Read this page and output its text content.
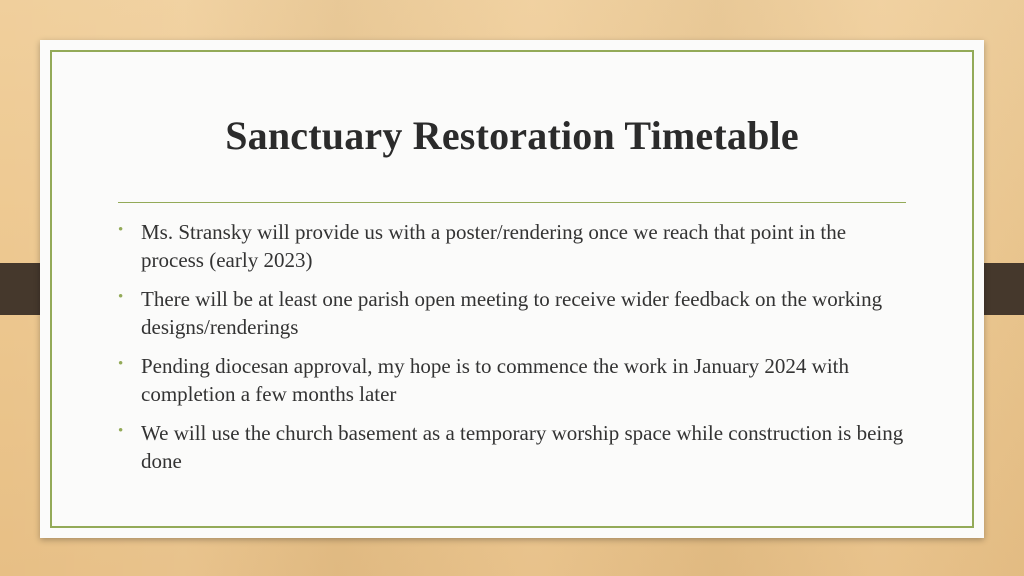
Sanctuary Restoration Timetable
• Ms. Stransky will provide us with a poster/rendering once we reach that point in the process (early 2023)
• There will be at least one parish open meeting to receive wider feedback on the working designs/renderings
• Pending diocesan approval, my hope is to commence the work in January 2024 with completion a few months later
• We will use the church basement as a temporary worship space while construction is being done
